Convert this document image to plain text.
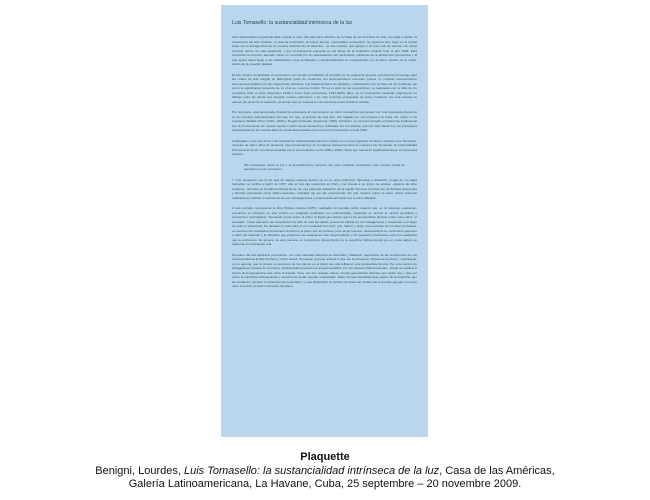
Luis Tomasello: la sustancialidad intrínseca de la luz

Otra oportunidad excepcional para mostrar el valor del patrimonio artístico de la Casa de las Américas ha sido, sin lugar a dudas, la concepción del Año Cinético, el cual ha propiciado, al mismo tiempo, memorables encuentros. Su apertura tuvo lugar en la propia Casa con la inauguración de la muestra colectiva De la vibración... al arte cinético, que agrupa a un buen lote de autores con obras inscritas dentro de esta tendencia, y que permanecerá expuesta en las áreas de la institución durante todo el año 2009. Esta curaduría se propuso, además, hacer un recorrido por los antecedentes del movimiento, partiendo de la abstracción geométrica y el arte óptico hasta llegar a las realizaciones cuya morfología y conceptualización se corresponden con el factor cinético de la visión, dentro de la creación plástica.

El Año cinético ha facilitado el reencuentro con amigos entrañables al convidar, en su programa general, exposiciones-homenaje para las cuales ha sido elegido un distinguido grupo de creadores con denominadores comunes: poseer un probado reconocimiento internacional avalado por sus trayectorias artísticas, sus históricos lazos de amistad y colaboración con la Casa de las Américas, así como la significativa presencia de su obra en nuestros fondos. Tal es el caso de las exposiciones ya realizadas con la obra de los creadores Julio Le Parc (Argentina, 1928) y Jesús Soto (Venezuela, 1923-2005). Ellos, en su concepción curatorial, propusieron un diálogo entre las piezas que integran nuestro patrimonio y las más recientes propuestas de estos creadores. De esta manera se valoran las obras de la colección, al tiempo que se muestra lo más actual de estos prolíficos artistas.

Por otra parte, esta temporada cinética ha estimulado el conocimiento de otros cultivadores del género con una destacada presencia en los circuitos internacionales del arte, los que, al amparo de este año, han llegado por vez primera a la Casa. Me refiero a los creadores Matilde Pérez (Chile, 1920) y Rogelio Polesello (Argentina, 1939). Asimismo, se ha incrementado el patrimonio institucional con la incorporación de nuevas piezas a partir de las donaciones realizadas por los artistas, que han sido hasta hoy, los principales protagonistas de los «treinta años de creatividad cinética» que nos hemos propuesto en este 2009.

Catalogado como uno de los más importantes representantes del arte cinético en su país regresa a la Casa el maestro Luis Tomasello, después de varios años de ausencia, para presentar hoy en la Galería Latinoamericana la muestra Luis Tomasello: la sustancialidad intrínseca de la luz, con obras donadas por él a la institución entre 1983 y 2008. Obras que marcaron significativamente su trayectoria artística.

Mis búsquedas sobre la luz y el descubrimiento sucesivo del color reflejado constituyen una manera tímida de acercarme a ese encuentro.

Y este encuentro con la luz que de alguna manera apunta ya en su obra preliminar, figurativa o abstracta, propia de su etapa formativa, se verifica a partir de 1957, año en que fija residencia en París y se vincula a un grupo de artistas –algunos de ellos cinéticos– reunidos en la Galería Denise René. En esa pequeña habitación de la capital francesa convivía con simbolistas autonomía y libertad expresivas obras bidimensionales, incluidas las por las experiencias del arte cinético sobre el plano. Estas primeras realizaciones marcan el nacimiento de sus investigaciones y experiencias artísticas con el color reflejado.

A este período corresponde la obra Pintura cinética (1957), realizada con esmalte sobre madera que, en la presente exposición, encuentra su referente en una versión en serigrafía (realizada con posterioridad), siguiendo en ambas la misma operatoria y concepción morfológicas. Tomasello movió sobre el plano la figura geométrica que le ha acompañado durante todos estos años: el cuadrado. Como elemento de composición ha sido su más fiel aliado, puesto de partida en sus indagaciones y creaciones a lo largo de toda su trayectoria. Se destaca en esta obra el uso moderado del color: gris, blanco y plata, preconizando de los altos contrastes. La sucesión de cuadrados permanece inmóvil en el plano que la contiene, pero al ojo humano, desencadena un movimiento perpetuo a partir del estímulo y la vibración que proponen las variaciones casi imperceptibles y los pequeños desniveles entre los cuadrados que la conforman. Se genera, de esta manera, un movimiento virtual dentro de la superficie bidimensional que en modo alguno se trastorna en movimiento real.

Heredero del arte abstracto precedente, con una marcada influencia de Mondrian y Malévich, depositario de las enseñanzas de sus contemporáneos Emilio Pettoruti y Antón Gaudí, Tomasello propone rebasar lo que fue la pintura de "pintura de concreto", impulsando, en su agenda, que la pintura se posicione de los colores en el plano que ella refleja en una perspectiva ilusoria. Por este camino de indagaciones transita de la pintura cinética bidimensional a la experimentación con los relieves bidimensionales, donde se verifica el triunfo de la perspectiva real sobre la ilusoria. Crea, con sus propias manos, formas geométricas diversas que repite una y otra vez sobre la superficie bidimensional y monocroma donde quedan emplazadas. Estas formas invariablemente parten de la superficie que las contienen, siempre en dirección del espectador, y esta disposición le confiere al relieve tal unidad que le permite agregar un nuevo valor a la obra, al crear una ilusión del plano.

Plaquette

Benigni, Lourdes, Luis Tomasello: la sustancialidad intrínseca de la luz, Casa de las Américas,

Galería Latinoamericana, La Havane, Cuba, 25 septembre – 20 novembre 2009.
